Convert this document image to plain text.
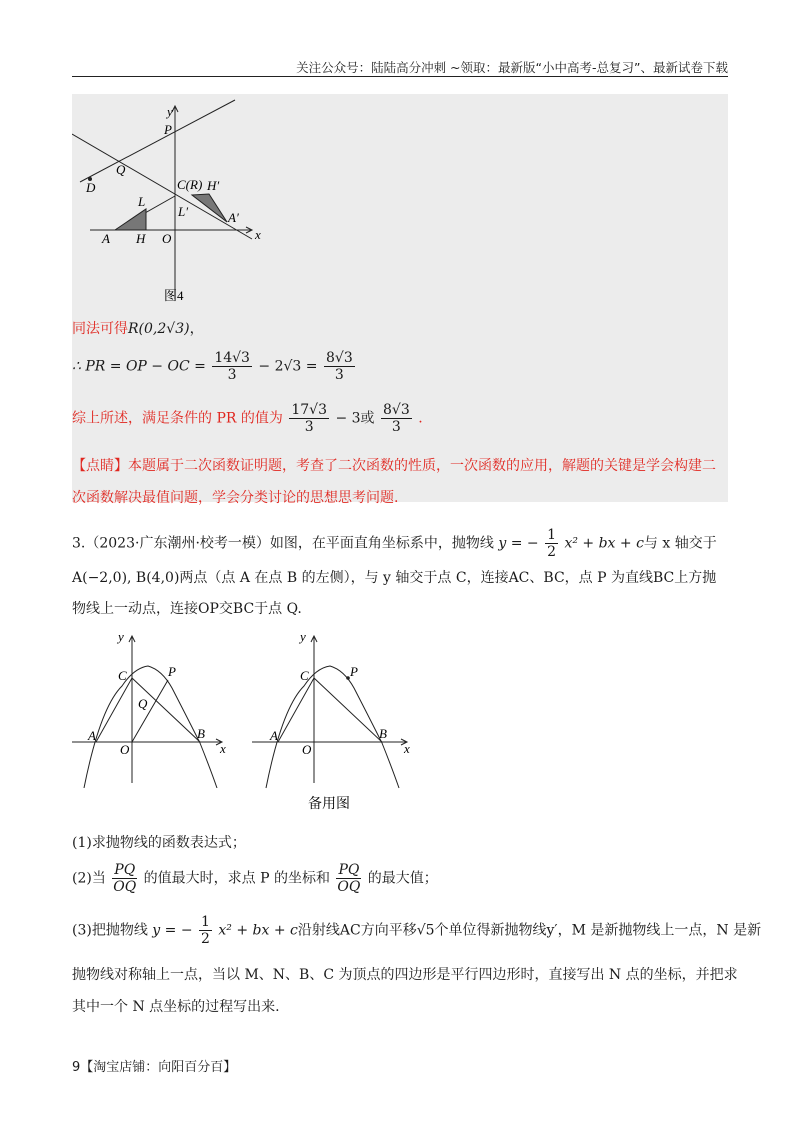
关注公众号：陆陆高分冲刺 ~领取：最新版“小中高考-总复习”、最新试卷下载
y
x
P
Q
D	C(R) H′
L
L′	A′
A H O
图4
同法可得R(0,2√3)，
∴ PR = OP − OC = $\frac{14√3}{3} - 2√3 = \frac{8√3}{3}$
综上所述，满足条件的 PR 的值为 $\frac{17√3}{3} - 3$或 $\frac{8√3}{3}$ .
【点睛】本题属于二次函数证明题，考查了二次函数的性质，一次函数的应用，解题的关键是学会构建二次函数解决最值问题，学会分类讨论的思想思考问题.
3.（2023·广东潮州·校考一模）如图，在平面直角坐标系中，抛物线 y = − $\frac{1}{2} x^2$ + bx + c与 x 轴交于
A(−2,0), B(4,0)两点（点 A 在点 B 的左侧），与 y 轴交于点 C，连接AC、BC，点 P 为直线BC上方抛
物线上一动点，连接OP交BC于点 Q.
y
x
C	P
Q
A
O
B
y
x
C	P
A
O
B
备用图
(1)求抛物线的函数表达式；
(2)当 $\frac{PQ}{OQ}$ 的值最大时，求点 P 的坐标和 $\frac{PQ}{OQ}$ 的最大值；
(3)把抛物线 y = − $\frac{1}{2} x^2$ + bx + c沿射线AC方向平移√5个单位得新抛物线y′，M 是新抛物线上一点，N 是新
抛物线对称轴上一点，当以 M、N、B、C 为顶点的四边形是平行四边形时，直接写出 N 点的坐标，并把求
其中一个 N 点坐标的过程写出来.
9【淘宝店铺：向阳百分百】
